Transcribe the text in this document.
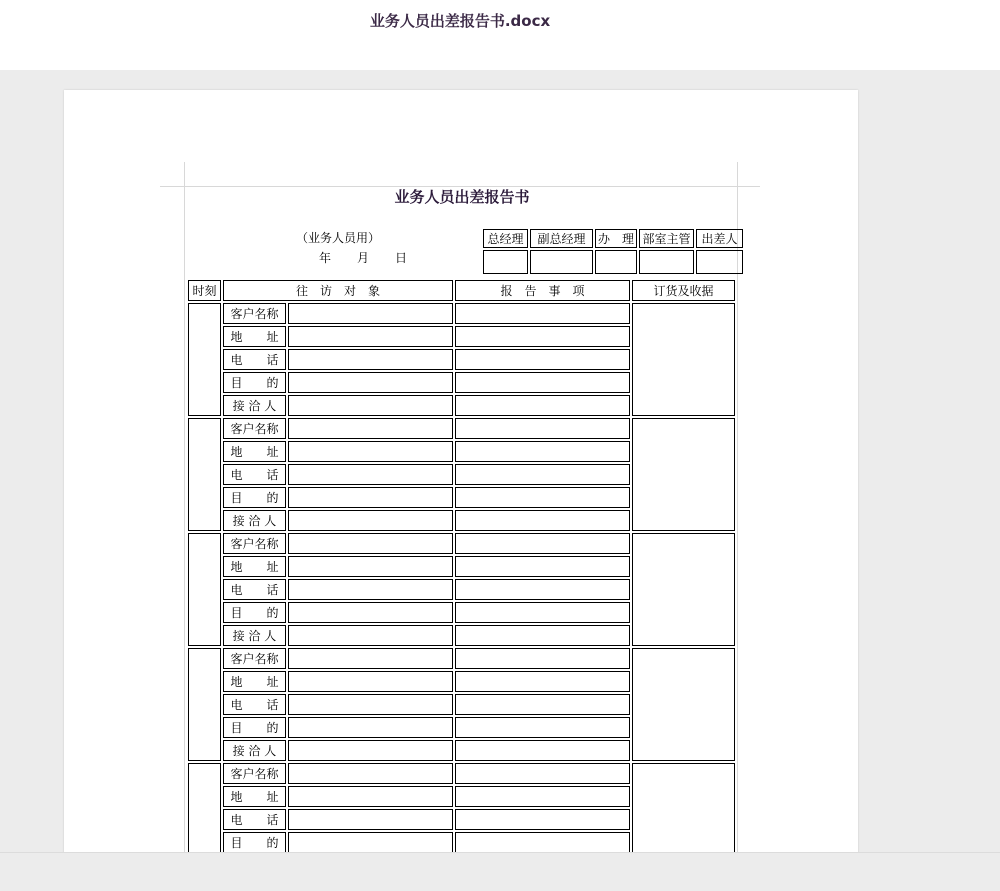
业务人员出差报告书.docx
业务人员出差报告书
（业务人员用）
年 月 日
总经理	副总经理	办　理	部室主管	出差人

时刻	往　访　对　象		报　告　事　项	订货及收据
	客户名称			
	地　　址			
	电　　话			
	目　　的			
	接 洽 人			
	客户名称			
	地　　址			
	电　　话			
	目　　的			
	接 洽 人			
	客户名称			
	地　　址			
	电　　话			
	目　　的			
	接 洽 人			
	客户名称			
	地　　址			
	电　　话			
	目　　的			
	接 洽 人			
	客户名称			
	地　　址			
	电　　话			
	目　　的			
